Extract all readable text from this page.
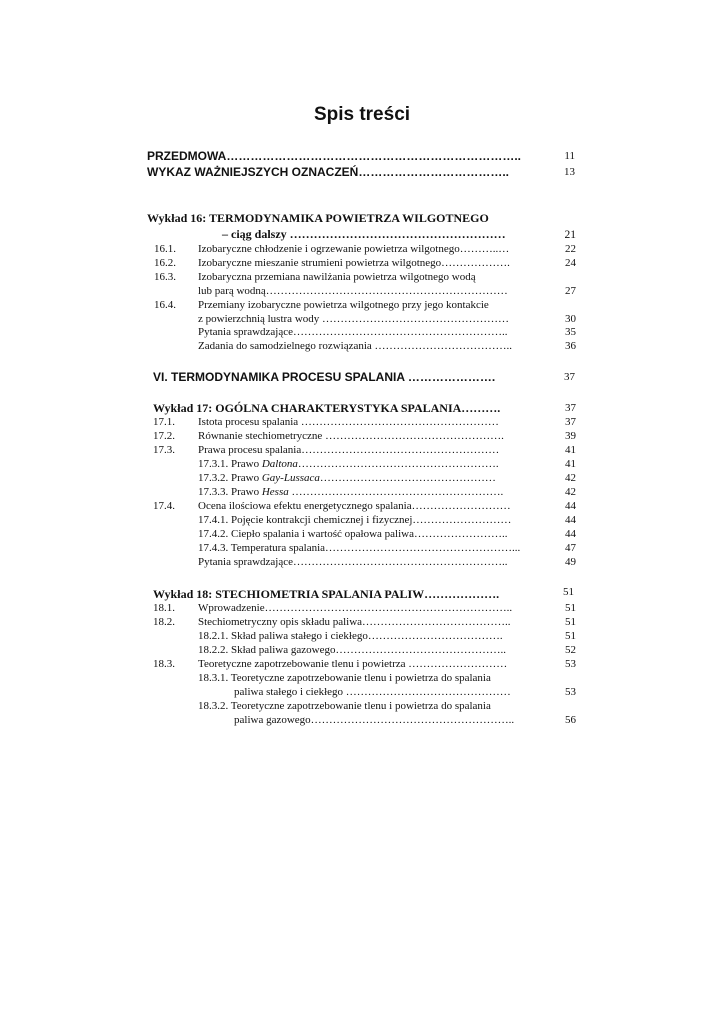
Spis treści
PRZEDMOWA………………………………………………………………..	11
WYKAZ WAŻNIEJSZYCH OZNACZEŃ………………………………..	13
Wykład 16: TERMODYNAMIKA POWIETRZA WILGOTNEGO
– ciąg dalszy ………………………………………………	21
16.1. Izobaryczne chłodzenie i ogrzewanie powietrza wilgotnego………..…	22
16.2. Izobaryczne mieszanie strumieni powietrza wilgotnego……………….	24
16.3. Izobaryczna przemiana nawilżania powietrza wilgotnego wodą
lub parą wodną…………………………………………………………	27
16.4. Przemiany izobaryczne powietrza wilgotnego przy jego kontakcie
z powierzchnią lustra wody ……………………………………………	30
Pytania sprawdzające…………………………………………………..	35
Zadania do samodzielnego rozwiązania ………………………………..	36
VI. TERMODYNAMIKA PROCESU SPALANIA ………………….	37
Wykład 17: OGÓLNA CHARAKTERYSTYKA SPALANIA……….	37
17.1. Istota procesu spalania ………………………………………………	37
17.2. Równanie stechiometryczne ………………………………………….	39
17.3. Prawa procesu spalania………………………………………………	41
17.3.1. Prawo Daltona……………………………………………….	41
17.3.2. Prawo Gay-Lussaca…………………………………………	42
17.3.3. Prawo Hessa ………………………………………………….	42
17.4. Ocena ilościowa efektu energetycznego spalania………………………	44
17.4.1. Pojęcie kontrakcji chemicznej i fizycznej………………………	44
17.4.2. Ciepło spalania i wartość opałowa paliwa……………………..	44
17.4.3. Temperatura spalania……………………………………………...	47
Pytania sprawdzające…………………………………………………..	49
Wykład 18: STECHIOMETRIA SPALANIA PALIW……………….	51
18.1. Wprowadzenie…………………………………………………………..	51
18.2. Stechiometryczny opis składu paliwa…………………………………..	51
18.2.1. Skład paliwa stałego i ciekłego……………………………….	51
18.2.2. Skład paliwa gazowego………………………………………..	52
18.3. Teoretyczne zapotrzebowanie tlenu i powietrza ………………………	53
18.3.1. Teoretyczne zapotrzebowanie tlenu i powietrza do spalania
paliwa stałego i ciekłego ………………………………………	53
18.3.2. Teoretyczne zapotrzebowanie tlenu i powietrza do spalania
paliwa gazowego………………………………………………..	56
